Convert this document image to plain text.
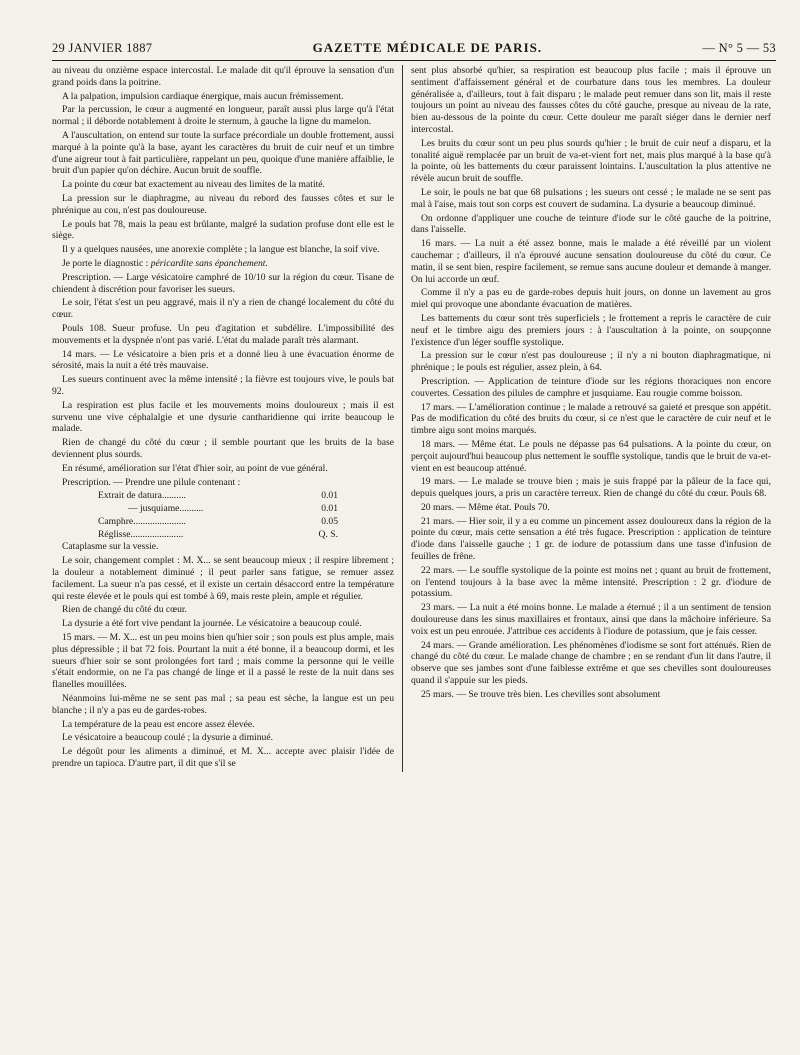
29 JANVIER 1887	GAZETTE MÉDICALE DE PARIS.	— N° 5 — 53

au niveau du onzième espace intercostal. Le malade dit qu'il éprouve la sensation d'un grand poids dans la poitrine.

A la palpation, impulsion cardiaque énergique, mais aucun frémissement.

Par la percussion, le cœur a augmenté en longueur, paraît aussi plus large qu'à l'état normal ; il déborde notablement à droite le sternum, à gauche la ligne du mamelon.

A l'auscultation, on entend sur toute la surface précordiale un double frottement, aussi marqué à la pointe qu'à la base, ayant les caractères du bruit de cuir neuf et un timbre d'une aigreur tout à fait particulière, rappelant un peu, quoique d'une manière affaiblie, le bruit d'un papier qu'on déchire. Aucun bruit de souffle.

La pointe du cœur bat exactement au niveau des limites de la matité.

La pression sur le diaphragme, au niveau du rebord des fausses côtes et sur le phrénique au cou, n'est pas douloureuse.

Le pouls bat 78, mais la peau est brûlante, malgré la sudation profuse dont elle est le siège.

Il y a quelques nausées, une anorexie complète ; la langue est blanche, la soif vive.

Je porte le diagnostic : péricardite sans épanchement.

Prescription. — Large vésicatoire camphré de 10/10 sur la région du cœur. Tisane de chiendent à discrétion pour favoriser les sueurs.

Le soir, l'état s'est un peu aggravé, mais il n'y a rien de changé localement du côté du cœur.

Pouls 108. Sueur profuse. Un peu d'agitation et subdélire. L'impossibilité des mouvements et la dyspnée n'ont pas varié. L'état du malade paraît très alarmant.

14 mars. — Le vésicatoire a bien pris et a donné lieu à une évacuation énorme de sérosité, mais la nuit a été très mauvaise.

Les sueurs continuent avec la même intensité ; la fièvre est toujours vive, le pouls bat 92.

La respiration est plus facile et les mouvements moins douloureux ; mais il est survenu une vive céphalalgie et une dysurie cantharidienne qui irrite beaucoup le malade.

Rien de changé du côté du cœur ; il semble pourtant que les bruits de la base deviennent plus sourds.

En résumé, amélioration sur l'état d'hier soir, au point de vue général.

Prescription. — Prendre une pilule contenant :

Extrait de datura..........	0.01
— jusquiame..........	0.01
Camphre......................	0.05
Réglisse......................	Q. S.

Cataplasme sur la vessie.

Le soir, changement complet : M. X... se sent beaucoup mieux ; il respire librement ; la douleur a notablement diminué ; il peut parler sans fatigue, se remuer assez facilement. La sueur n'a pas cessé, et il existe un certain désaccord entre la température qui reste élevée et le pouls qui est tombé à 69, mais reste plein, ample et régulier.

Rien de changé du côté du cœur.

La dysurie a été fort vive pendant la journée. Le vésicatoire a beaucoup coulé.

15 mars. — M. X... est un peu moins bien qu'hier soir ; son pouls est plus ample, mais plus dépressible ; il bat 72 fois. Pourtant la nuit a été bonne, il a beaucoup dormi, et les sueurs d'hier soir se sont prolongées fort tard ; mais comme la personne qui le veille s'était endormie, on ne l'a pas changé de linge et il a passé le reste de la nuit dans ses flanelles mouillées.

Néanmoins lui-même ne se sent pas mal ; sa peau est sèche, la langue est un peu blanche ; il n'y a pas eu de gardes-robes.

La température de la peau est encore assez élevée.

Le vésicatoire a beaucoup coulé ; la dysurie a diminué.

Le dégoût pour les aliments a diminué, et M. X... accepte avec plaisir l'idée de prendre un tapioca. D'autre part, il dit que s'il se

sent plus absorbé qu'hier, sa respiration est beaucoup plus facile ; mais il éprouve un sentiment d'affaissement général et de courbature dans tous les membres. La douleur généralisée a, d'ailleurs, tout à fait disparu ; le malade peut remuer dans son lit, mais il reste toujours un point au niveau des fausses côtes du côté gauche, presque au niveau de la rate, bien au-dessous de la pointe du cœur. Cette douleur me paraît siéger dans le dernier nerf intercostal.

Les bruits du cœur sont un peu plus sourds qu'hier ; le bruit de cuir neuf a disparu, et la tonalité aiguë remplacée par un bruit de va-et-vient fort net, mais plus marqué à la base qu'à la pointe, où les battements du cœur paraissent lointains. L'auscultation la plus attentive ne révèle aucun bruit de souffle.

Le soir, le pouls ne bat que 68 pulsations ; les sueurs ont cessé ; le malade ne se sent pas mal à l'aise, mais tout son corps est couvert de sudamina. La dysurie a beaucoup diminué.

On ordonne d'appliquer une couche de teinture d'iode sur le côté gauche de la poitrine, dans l'aisselle.

16 mars. — La nuit a été assez bonne, mais le malade a été réveillé par un violent cauchemar ; d'ailleurs, il n'a éprouvé aucune sensation douloureuse du côté du cœur. Ce matin, il se sent bien, respire facilement, se remue sans aucune douleur et demande à manger. On lui accorde un œuf.

Comme il n'y a pas eu de garde-robes depuis huit jours, on donne un lavement au gros miel qui provoque une abondante évacuation de matières.

Les battements du cœur sont très superficiels ; le frottement a repris le caractère de cuir neuf et le timbre aigu des premiers jours : à l'auscultation à la pointe, on soupçonne l'existence d'un léger souffle systolique.

La pression sur le cœur n'est pas douloureuse ; il n'y a ni bouton diaphragmatique, ni phrénique ; le pouls est régulier, assez plein, à 64.

Prescription. — Application de teinture d'iode sur les régions thoraciques non encore couvertes. Cessation des pilules de camphre et jusquiame. Eau rougie comme boisson.

17 mars. — L'amélioration continue ; le malade a retrouvé sa gaieté et presque son appétit. Pas de modification du côté des bruits du cœur, si ce n'est que le caractère de cuir neuf et le timbre aigu sont moins marqués.

18 mars. — Même état. Le pouls ne dépasse pas 64 pulsations. A la pointe du cœur, on perçoit aujourd'hui beaucoup plus nettement le souffle systolique, tandis que le bruit de va-et-vient en est beaucoup atténué.

19 mars. — Le malade se trouve bien ; mais je suis frappé par la pâleur de la face qui, depuis quelques jours, a pris un caractère terreux. Rien de changé du côté du cœur. Pouls 68.

20 mars. — Même état. Pouls 70.

21 mars. — Hier soir, il y a eu comme un pincement assez douloureux dans la région de la pointe du cœur, mais cette sensation a été très fugace. Prescription : application de teinture d'iode dans l'aisselle gauche ; 1 gr. de iodure de potassium dans une tasse d'infusion de feuilles de frêne.

22 mars. — Le souffle systolique de la pointe est moins net ; quant au bruit de frottement, on l'entend toujours à la base avec la même intensité. Prescription : 2 gr. d'iodure de potassium.

23 mars. — La nuit a été moins bonne. Le malade a éternué ; il a un sentiment de tension douloureuse dans les sinus maxillaires et frontaux, ainsi que dans la mâchoire inférieure. Sa voix est un peu enrouée. J'attribue ces accidents à l'iodure de potassium, que je fais cesser.

24 mars. — Grande amélioration. Les phénomènes d'iodisme se sont fort atténués. Rien de changé du côté du cœur. Le malade change de chambre ; en se rendant d'un lit dans l'autre, il observe que ses jambes sont d'une faiblesse extrême et que ses chevilles sont douloureuses quand il s'appuie sur les pieds.

25 mars. — Se trouve très bien. Les chevilles sont absolument
